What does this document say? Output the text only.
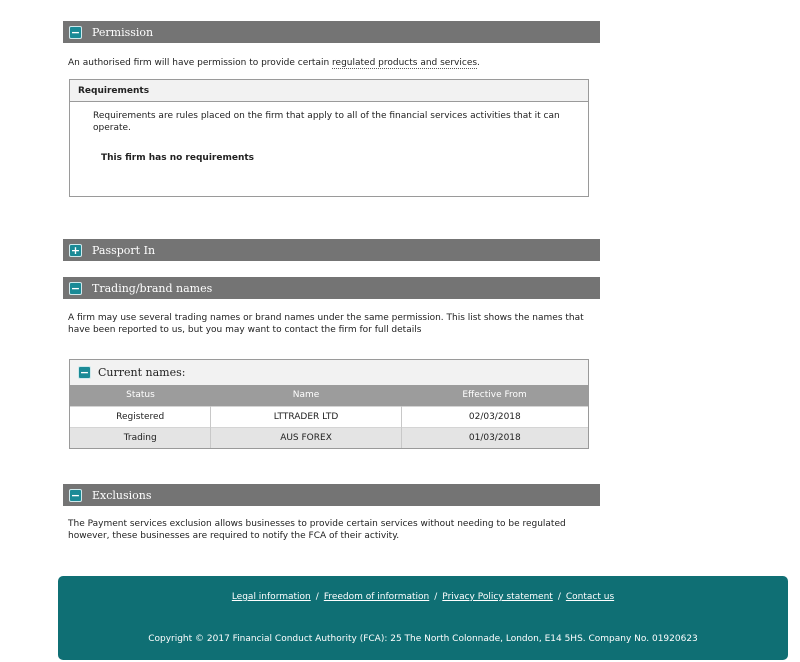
− Permission
An authorised firm will have permission to provide certain regulated products and services.
Requirements
Requirements are rules placed on the firm that apply to all of the financial services activities that it can operate.
This firm has no requirements
+ Passport In
− Trading/brand names
A firm may use several trading names or brand names under the same permission. This list shows the names that have been reported to us, but you may want to contact the firm for full details
− Current names:
Status	Name	Effective From
Registered	LTTRADER LTD	02/03/2018
Trading	AUS FOREX	01/03/2018
− Exclusions
The Payment services exclusion allows businesses to provide certain services without needing to be regulated however, these businesses are required to notify the FCA of their activity.
Legal information / Freedom of information / Privacy Policy statement / Contact us
Copyright © 2017 Financial Conduct Authority (FCA): 25 The North Colonnade, London, E14 5HS. Company No. 01920623
